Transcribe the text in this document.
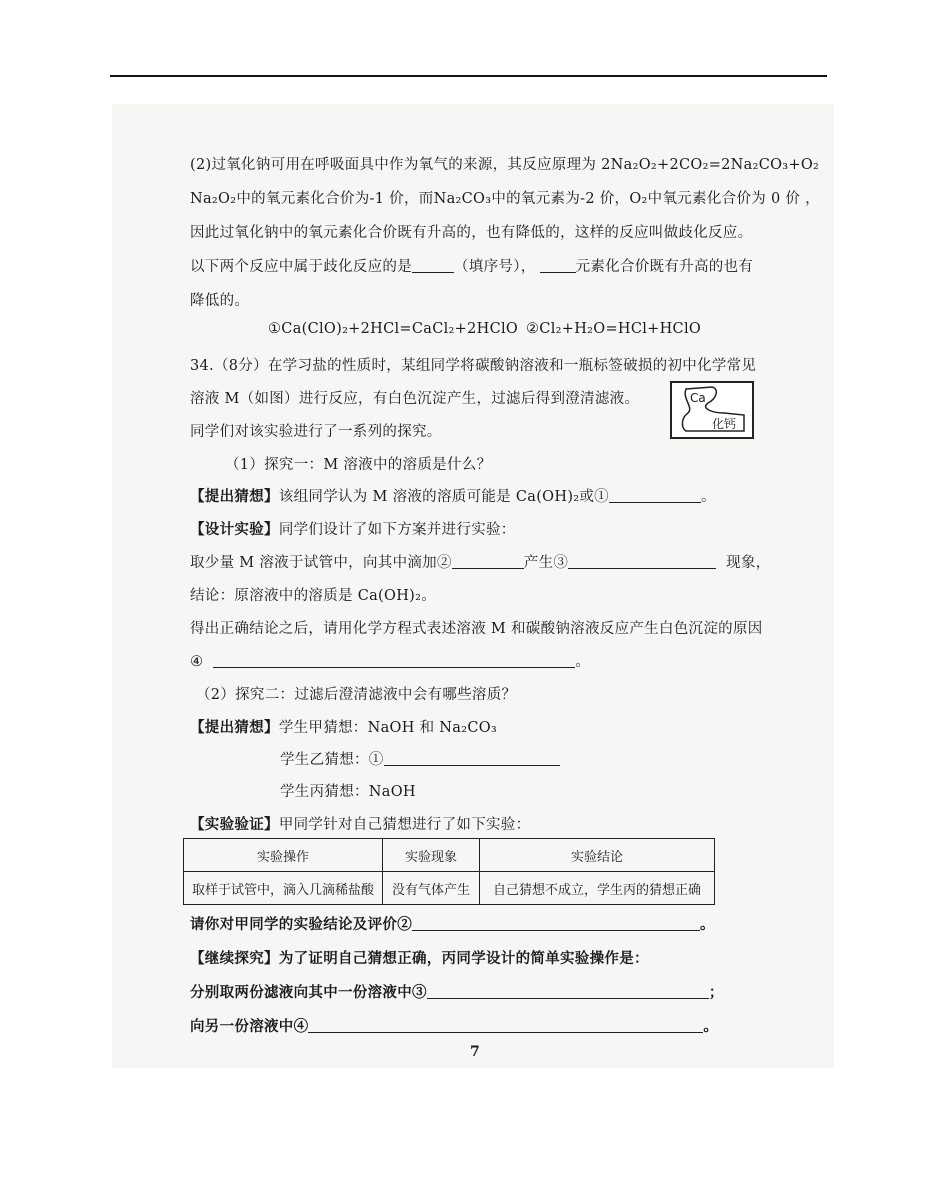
(2)过氧化钠可用在呼吸面具中作为氧气的来源，其反应原理为 2Na₂O₂+2CO₂=2Na₂CO₃+O₂
Na₂O₂中的氧元素化合价为-1 价，而Na₂CO₃中的氧元素为-2 价，O₂中氧元素化合价为 0 价 ，
因此过氧化钠中的氧元素化合价既有升高的，也有降低的，这样的反应叫做歧化反应。
以下两个反应中属于歧化反应的是	（填序号），	元素化合价既有升高的也有
降低的。
①Ca(ClO)₂+2HCl=CaCl₂+2HClO ②Cl₂+H₂O=HCl+HClO
34.（8分）在学习盐的性质时，某组同学将碳酸钠溶液和一瓶标签破损的初中化学常见
溶液 M（如图）进行反应，有白色沉淀产生，过滤后得到澄清滤液。
同学们对该实验进行了一系列的探究。
Ca
化钙
（1）探究一：M 溶液中的溶质是什么？
【提出猜想】该组同学认为 M 溶液的溶质可能是 Ca(OH)₂或①	。
【设计实验】同学们设计了如下方案并进行实验：
取少量 M 溶液于试管中，向其中滴加②	产生③	现象，
结论：原溶液中的溶质是 Ca(OH)₂。
得出正确结论之后，请用化学方程式表述溶液 M 和碳酸钠溶液反应产生白色沉淀的原因
④	。
（2）探究二：过滤后澄清滤液中会有哪些溶质？
【提出猜想】学生甲猜想：NaOH 和 Na₂CO₃
学生乙猜想：①
学生丙猜想：NaOH
【实验验证】甲同学针对自己猜想进行了如下实验：
实验操作	实验现象	实验结论
取样于试管中，滴入几滴稀盐酸	没有气体产生	自己猜想不成立，学生丙的猜想正确
请你对甲同学的实验结论及评价②	。
【继续探究】为了证明自己猜想正确，丙同学设计的简单实验操作是：
分别取两份滤液向其中一份溶液中③	；
向另一份溶液中④	。
7
